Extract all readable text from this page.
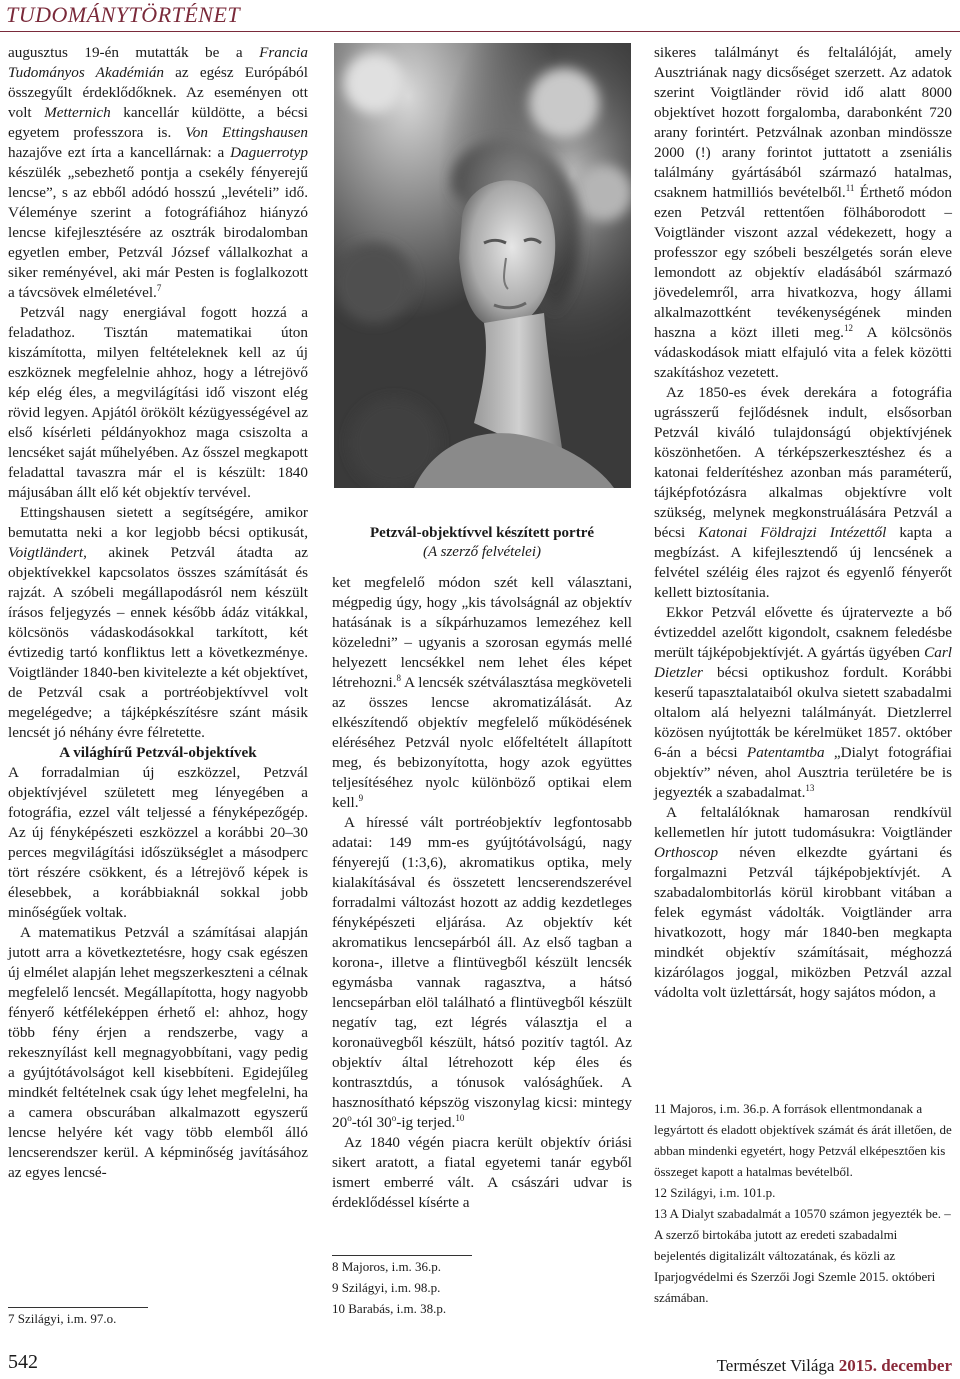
TUDOMÁNYTÖRTÉNET

augusztus 19-én mutatták be a Francia Tudományos Akadémián az egész Európából összegyűlt érdeklődőknek. Az eseményen ott volt Metternich kancellár küldötte, a bécsi egyetem professzora is. Von Ettingshausen hazajőve ezt írta a kancellárnak: a Daguerrotyp készülék „sebezhető pontja a csekély fényerejű lencse”, s az ebből adódó hosszú „levételi” idő. Véleménye szerint a fotográfiához hiányzó lencse kifejlesztésére az osztrák birodalomban egyetlen ember, Petzvál József vállalkozhat a siker reményével, aki már Pesten is foglalkozott a távcsövek elméletével.$^7$

Petzvál nagy energiával fogott hozzá a feladathoz. Tisztán matematikai úton kiszámította, milyen feltételeknek kell az új eszköznek megfelelnie ahhoz, hogy a létrejövő kép elég éles, a megvilágítási idő viszont elég rövid legyen. Apjától örökölt kézügyességével az első kísérleti példányokhoz maga csiszolta a lencséket saját műhelyében. Az ősszel megkapott feladattal tavaszra már el is készült: 1840 májusában állt elő két objektív tervével.

Ettingshausen sietett a segítségére, amikor bemutatta neki a kor legjobb bécsi optikusát, Voigtländert, akinek Petzvál átadta az objektívekkel kapcsolatos összes számítását és rajzát. A szóbeli megállapodásról nem készült írásos feljegyzés – ennek később ádáz vitákkal, kölcsönös vádaskodásokkal tarkított, két évtizedig tartó konfliktus lett a következménye. Voigtländer 1840-ben kivitelezte a két objektívet, de Petzvál csak a portréobjektívvel volt megelégedve; a tájképkészítésre szánt másik lencsét jó néhány évre félretette.

A világhírű Petzvál-objektívek

A forradalmian új eszközzel, Petzvál objektívjével született meg lényegében a fotográfia, ezzel vált teljessé a fényképezőgép. Az új fényképészeti eszközzel a korábbi 20–30 perces megvilágítási időszükséglet a másodperc tört részére csökkent, és a létrejövő képek is élesebbek, a korábbiaknál sokkal jobb minőségűek voltak.

A matematikus Petzvál a számításai alapján jutott arra a következtetésre, hogy csak egészen új elmélet alapján lehet megszerkeszteni a célnak megfelelő lencsét. Megállapította, hogy nagyobb fényerő kétféleképpen érhető el: ahhoz, hogy több fény érjen a rendszerbe, vagy a rekesznyílást kell megnagyobbítani, vagy pedig a gyújtótávolságot kell kisebbíteni. Egidejűleg mindkét feltételnek csak úgy lehet megfelelni, ha a camera obscurában alkalmazott egyszerű lencse helyére két vagy több elemből álló lencserendszer kerül. A képminőség javításához az egyes lencsé-

7 Szilágyi, i.m. 97.o.
Petzvál-objektívvel készített portré
(A szerző felvételei)

ket megfelelő módon szét kell választani, mégpedig úgy, hogy „kis távolságnál az objektív hatásának is a síkpárhuzamos lemezéhez kell közeledni” – ugyanis a szorosan egymás mellé helyezett lencsékkel nem lehet éles képet létrehozni.$^8$ A lencsék szétválasztása megköveteli az összes lencse akromatizálását. Az elkészítendő objektív megfelelő működésének eléréséhez Petzvál nyolc előfeltételt állapított meg, és bebizonyította, hogy azok együttes teljesítéséhez nyolc különböző optikai elem kell.$^9$

A híressé vált portréobjektív legfontosabb adatai: 149 mm-es gyújtótávolságú, nagy fényerejű (1:3,6), akromatikus optika, mely kialakításával és összetett lencserendszerével forradalmi változást hozott az addig kezdetleges fényképészeti eljárása. Az objektív két akromatikus lencsepárból áll. Az első tagban a korona-, illetve a flintüvegből készült lencsék egymásba vannak ragasztva, a hátsó lencsepárban elöl található a flintüvegből készült negatív tag, ezt légrés választja el a koronaüvegből készült, hátsó pozitív tagtól. Az objektív által létrehozott kép éles és kontrasztdús, a tónusok valósághűek. A hasznosítható képszög viszonylag kicsi: mintegy 20$^o$-tól 30$^o$-ig terjed.$^{10}$

Az 1840 végén piacra került objektív óriási sikert aratott, a fiatal egyetemi tanár egyből ismert emberré vált. A császári udvar is érdeklődéssel kísérte a

8 Majoros, i.m. 36.p.
9 Szilágyi, i.m. 98.p.
10 Barabás, i.m. 38.p.

sikeres találmányt és feltalálóját, amely Ausztriának nagy dicsőséget szerzett. Az adatok szerint Voigtländer rövid idő alatt 8000 objektívet hozott forgalomba, darabonként 720 arany forintért. Petzválnak azonban mindössze 2000 (!) arany forintot juttatott a zseniális találmány gyártásából származó hatalmas, csaknem hatmilliós bevételből.$^{11}$ Érthető módon ezen Petzvál rettentően fölháborodott – Voigtländer viszont azzal védekezett, hogy a professzor egy szóbeli beszélgetés során eleve lemondott az objektív eladásából származó jövedelemről, arra hivatkozva, hogy állami alkalmazottként tevékenységének minden haszna a közt illeti meg.$^{12}$ A kölcsönös vádaskodások miatt elfajuló vita a felek közötti szakításhoz vezetett.

Az 1850-es évek derekára a fotográfia ugrásszerű fejlődésnek indult, elsősorban Petzvál kiváló tulajdonságú objektívjének köszönhetően. A térképszerkesztéshez és a katonai felderítéshez azonban más paraméterű, tájképfotózásra alkalmas objektívre volt szükség, melynek megkonstruálására Petzvál a bécsi Katonai Földrajzi Intézettől kapta a megbízást. A kifejlesztendő új lencsének a felvétel széléig éles rajzot és egyenlő fényerőt kellett biztosítania.

Ekkor Petzvál elővette és újratervezte a bő évtizeddel azelőtt kigondolt, csaknem feledésbe merült tájképobjektívjét. A gyártás ügyében Carl Dietzler bécsi optikushoz fordult. Korábbi keserű tapasztalataiból okulva sietett szabadalmi oltalom alá helyezni találmányát. Dietzlerrel közösen nyújtották be kérelmüket 1857. október 6-án a bécsi Patentamtba „Dialyt fotográfiai objektív” néven, ahol Ausztria területére be is jegyezték a szabadalmat.$^{13}$

A feltalálóknak hamarosan rendkívül kellemetlen hír jutott tudomásukra: Voigtländer Orthoscop néven elkezdte gyártani és forgalmazni Petzvál tájképobjektívjét. A szabadalombitorlás körül kirobbant vitában a felek egymást vádolták. Voigtländer arra hivatkozott, hogy már 1840-ben megkapta mindkét objektív számításait, méghozzá kizárólagos joggal, miközben Petzvál azzal vádolta volt üzlettársát, hogy sajátos módon, a

11 Majoros, i.m. 36.p. A források ellentmondanak a legyártott és eladott objektívek számát és árát illetően, de abban mindenki egyetért, hogy Petzvál elképesztően kis összeget kapott a hatalmas bevételből.
12 Szilágyi, i.m. 101.p.
13 A Dialyt szabadalmát a 10570 számon jegyezték be. – A szerző birtokába jutott az eredeti szabadalmi bejelentés digitalizált változatának, és közli az Iparjogvédelmi és Szerzői Jogi Szemle 2015. októberi számában.
542	Természet Világa 2015. december
